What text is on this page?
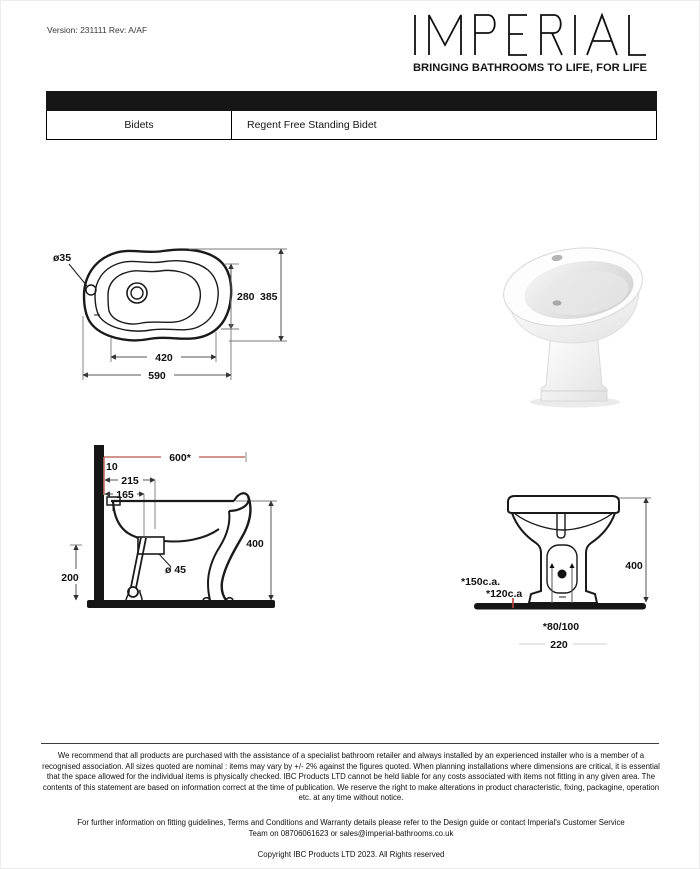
Version: 231111 Rev: A/AF
BRINGING BATHROOMS TO LIFE, FOR LIFE
Bidets	Regent Free Standing Bidet
ø35
280 385
420
590
600*
10
215
165
400
200
ø 45	400
*150c.a.
*120c.a
*80/100
220
We recommend that all products are purchased with the assistance of a specialist bathroom retailer and always installed by an experienced installer who is a member of a recognised association. All sizes quoted are nominal : items may vary by +/- 2% against the figures quoted. When planning installations where dimensions are critical, it is essential that the space allowed for the individual items is physically checked. IBC Products LTD cannot be held liable for any costs associated with items not fitting in any given area. The contents of this statement are based on information correct at the time of publication. We reserve the right to make alterations in product characteristic, fixing, packagine, operation etc. at any time without notice.
For further information on fitting guidelines, Terms and Conditions and Warranty details please refer to the Design guide or contact Imperial's Customer Service Team on 08706061623 or sales@imperial-bathrooms.co.uk
Copyright IBC Products LTD 2023. All Rights reserved
